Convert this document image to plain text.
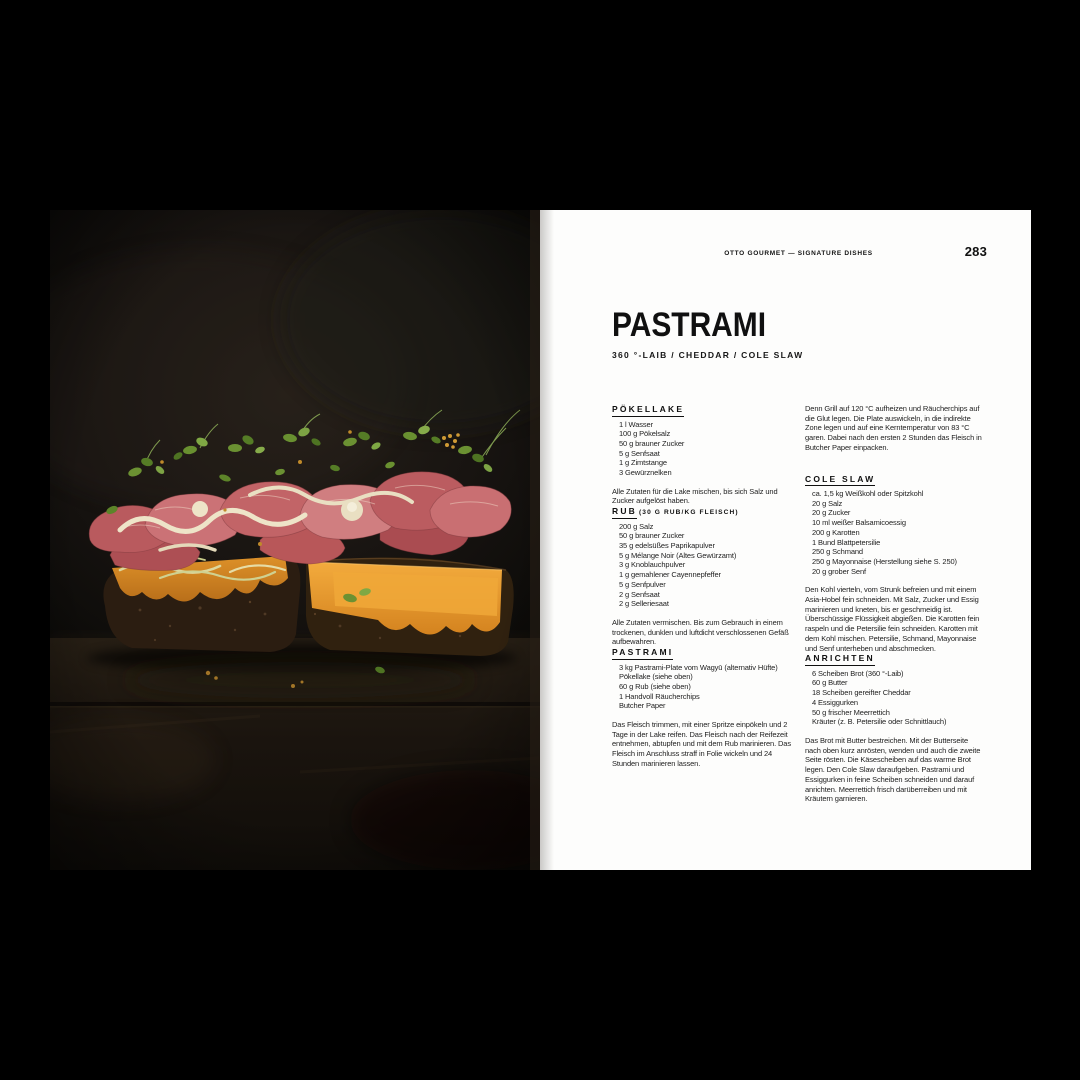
OTTO GOURMET — SIGNATURE DISHES	283
PASTRAMI

360 °-LAIB / CHEDDAR / COLE SLAW

PÖKELLAKE
1 l Wasser
100 g Pökelsalz
50 g brauner Zucker
5 g Senfsaat
1 g Zimtstange
3 Gewürznelken

Alle Zutaten für die Lake mischen, bis sich Salz und Zucker aufgelöst haben.

RUB (30 G RUB/KG FLEISCH)
200 g Salz
50 g brauner Zucker
35 g edelsüßes Paprikapulver
5 g Mélange Noir (Altes Gewürzamt)
3 g Knoblauchpulver
1 g gemahlener Cayennepfeffer
5 g Senfpulver
2 g Senfsaat
2 g Selleriesaat

Alle Zutaten vermischen. Bis zum Gebrauch in einem trockenen, dunklen und luftdicht verschlossenen Gefäß aufbewahren.

PASTRAMI
3 kg Pastrami-Plate vom Wagyū (alternativ Hüfte)
Pökellake (siehe oben)
60 g Rub (siehe oben)
1 Handvoll Räucherchips
Butcher Paper

Das Fleisch trimmen, mit einer Spritze einpökeln und 2 Tage in der Lake reifen. Das Fleisch nach der Reifezeit entnehmen, abtupfen und mit dem Rub marinieren. Das Fleisch im Anschluss straff in Folie wickeln und 24 Stunden marinieren lassen.

Denn Grill auf 120 °C aufheizen und Räucherchips auf die Glut legen. Die Plate auswickeln, in die indirekte Zone legen und auf eine Kerntemperatur von 83 °C garen. Dabei nach den ersten 2 Stunden das Fleisch in Butcher Paper einpacken.

COLE SLAW
ca. 1,5 kg Weißkohl oder Spitzkohl
20 g Salz
20 g Zucker
10 ml weißer Balsamicoessig
200 g Karotten
1 Bund Blattpetersilie
250 g Schmand
250 g Mayonnaise (Herstellung siehe S. 250)
20 g grober Senf

Den Kohl vierteln, vom Strunk befreien und mit einem Asia-Hobel fein schneiden. Mit Salz, Zucker und Essig marinieren und kneten, bis er geschmeidig ist. Überschüssige Flüssigkeit abgießen. Die Karotten fein raspeln und die Petersilie fein schneiden. Karotten mit dem Kohl mischen. Petersilie, Schmand, Mayonnaise und Senf unterheben und abschmecken.

ANRICHTEN
6 Scheiben Brot (360 °-Laib)
60 g Butter
18 Scheiben gereifter Cheddar
4 Essiggurken
50 g frischer Meerrettich
Kräuter (z. B. Petersilie oder Schnittlauch)

Das Brot mit Butter bestreichen. Mit der Butterseite nach oben kurz anrösten, wenden und auch die zweite Seite rösten. Die Käsescheiben auf das warme Brot legen. Den Cole Slaw daraufgeben. Pastrami und Essiggurken in feine Scheiben schneiden und darauf anrichten. Meerrettich frisch darüberreiben und mit Kräutern garnieren.
